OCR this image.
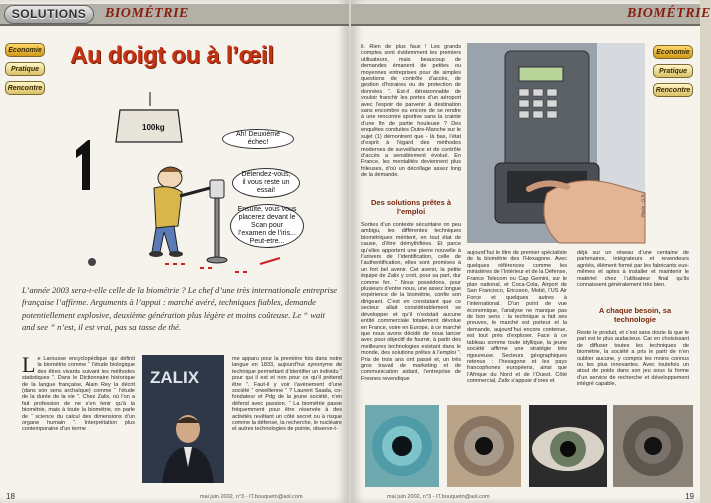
SOLUTIONS	BIOMÉTRIE
Economie
Pratique
Rencontre
Au doigt ou à l’œil
100kg
Ah! Deuxième échec!
Détendez-vous, il vous reste un essai!
Ensuite, vous vous placerez devant le Scan pour l’examen de l’iris... Peut-etre...
L’année 2003 sera-t-elle celle de la biométrie ? Le chef d’une très internationale entreprise française l’affirme. Arguments à l’appui : marché avéré, techniques fiables, demande potentiellement explosive, deuxième génération plus légère et moins coûteuse. Le “ wait and see ” n’est, il est vrai, pas sa tasse de thé.
L e Larousse encyclopédique qui définit la biométrie comme “ l’étude biologique des êtres vivants suivant les méthodes statistiques ”. Dans le Dictionnaire historique de la langue française, Alain Rey la décrit (dans son sens archaïque) comme “ l’étude de la durée de la vie ”. Chez Zalix, où l’on a fait profession de ne s’en tenir qu’à la biométrie, mais à toute la biométrie, on parle de “ science du calcul des dimensions d’un organe humain ”. Interprétation plus contemporaine d’un terme
ZALIX
me apparu pour la première fois dans notre langue en 1833, aujourd’hui synonyme de technique permettant d’identifier un individu “ pour qui il est et non pour ce qu’il prétend être ”. Faut-il y voir l’avènement d’une société “ orwellienne ” ? Laurent Saada, co-fondateur et Pdg de la jeune société, n’en défend avec passion. “ La biométrie passe fréquemment pour être réservée à des activités revêtant un côté secret ou à risque comme la défense, la recherche, le nucléaire et autres technologies de pointe, observe-t-
18	mai juin 2002, n°3 - IT.bouquetn@aol.com
BIOMÉTRIE
Economie
Pratique
Rencontre
il. Rien de plus faux ! Les grands comptes sont évidemment les premiers utilisateurs, mais beaucoup de demandes émanent de petites ou moyennes entreprises pour de simples questions de contrôle d’accès, de gestion d’horaires ou de protection de données ”. Est-il déraisonnable de vouloir franchir les portes d’un aéroport avec l’espoir de parvenir à destination sans encombre ou encore de se rendre à une rencontre sportive sans la crainte d’une fin de partie houleuse ? Des enquêtes conduites Outre-Manche sur le sujet (1) démontrent que - là bas, l’état d’esprit à l’égard des méthodes modernes de surveillance et de contrôle d’accès a sensiblement évolué. En France, les mentalités deviennent plus frileuses, d’où un décollage assez long de la demande.
Des solutions prêtes à l’emploi
Sorties d’un contexte sécuritaire on peu ambigu, les différentes techniques biométriques méritent, en tout état de cause, d’être démythifiées. Et parce qu’elles apportent une pierre nouvelle à l’univers de l’identification, celle de l’authentification, elles sont promises à un fort bel avenir. Cet avenir, la petite équipe de Zalix y croit, pour sa part, dur comme fer. “ Nous possédons, pour plusieurs d’entre nous, une assez longue expérience de la biométrie, confie son dirigeant. C’est en constatant que ce secteur allait considérablement se développer et qu’il n’existait aucune entité commerciale totalement dévolue en France, voire en Europe, à ce marché que nous avons décidé de nous lancer avec pour objectif de fournir, à partir des meilleures technologies existant dans le monde, des solutions prêtes à l’emploi ”. Pris de trois ans ont passé et, un très gros travail de marketing et de communication aidant, l’entreprise de Fresnes revendique
Photo : D.R.
aujourd’hui le titre de premier spécialiste de la biométrie des l’Hexagone. Avec quelques références comme les ministères de l’Intérieur et de la Défense, France Telecom ou Cap Gemini, sur le plan national, et Coca-Cola, Airport de San Francisco, Ericsson, Mobil, l’US Air Force et quelques autres à l’international. D’un point de vue économique, l’analyse ne manque pas de bon sens : la technique a fait ses preuves, le marché est porteur et la demande, aujourd’hui encore contenue, est tout près d’exploser. Face à ce tableau somme toute idyllique, la jeune société affirme une stratégie très rigoureuse. Secteurs géographiques retenus : l’hexagone et les pays francophones européens, ainsi que l’Afrique du Nord et de l’Ouest. Côté commercial, Zalix s’appuie d’ores et
déjà sur un réseau d’une centaine de partenaires, intégrateurs et revendeurs agréés, élément formé par les fabricants eux-mêmes et aptes à installer et maintenir le matériel chez l’utilisateur final qu’ils connaissent généralement très bien.
A chaque besoin, sa technologie
Reste le produit, et c’est sans doute là que le pari est le plus audacieux. Car en choisissant de diffuser toutes les techniques de biométrie, la société a pris le parti de n’en oublier aucune, y compris les moins connus ou les plus innovantes. Avec toutefois un atout de poids dans son jeu sous la forme d’un service de recherche et développement intégré capable,
mai juin 2002, n°3 - IT.bouquetn@aol.com	19
